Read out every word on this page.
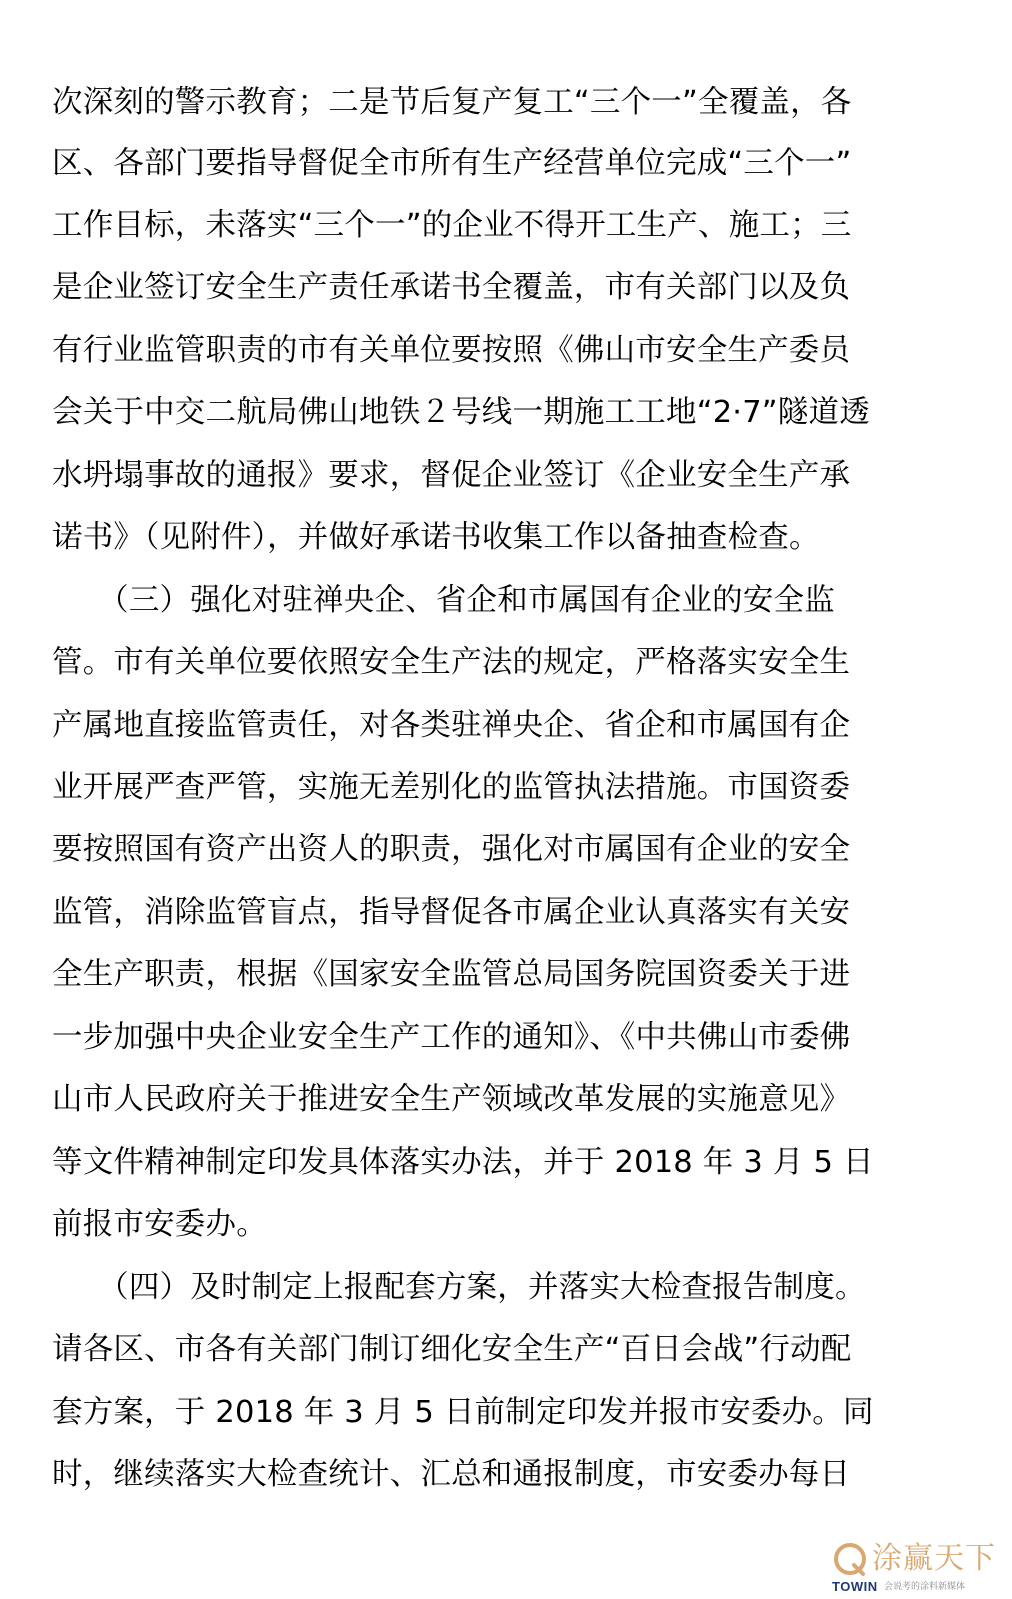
次深刻的警示教育；二是节后复产复工“三个一”全覆盖，各
区、各部门要指导督促全市所有生产经营单位完成“三个一”
工作目标，未落实“三个一”的企业不得开工生产、施工；三
是企业签订安全生产责任承诺书全覆盖，市有关部门以及负
有行业监管职责的市有关单位要按照《佛山市安全生产委员
会关于中交二航局佛山地铁２号线一期施工工地“2·7”隧道透
水坍塌事故的通报》要求，督促企业签订《企业安全生产承
诺书》（见附件），并做好承诺书收集工作以备抽查检查。
　　（三）强化对驻禅央企、省企和市属国有企业的安全监
管。市有关单位要依照安全生产法的规定，严格落实安全生
产属地直接监管责任，对各类驻禅央企、省企和市属国有企
业开展严查严管，实施无差别化的监管执法措施。市国资委
要按照国有资产出资人的职责，强化对市属国有企业的安全
监管，消除监管盲点，指导督促各市属企业认真落实有关安
全生产职责，根据《国家安全监管总局国务院国资委关于进
一步加强中央企业安全生产工作的通知》、《中共佛山市委佛
山市人民政府关于推进安全生产领域改革发展的实施意见》
等文件精神制定印发具体落实办法，并于 2018 年 3 月 5 日
前报市安委办。
　　（四）及时制定上报配套方案，并落实大检查报告制度。
请各区、市各有关部门制订细化安全生产“百日会战”行动配
套方案，于 2018 年 3 月 5 日前制定印发并报市安委办。同
时，继续落实大检查统计、汇总和通报制度，市安委办每日
涂赢天下
TOWIN 会说考的涂料新媒体
